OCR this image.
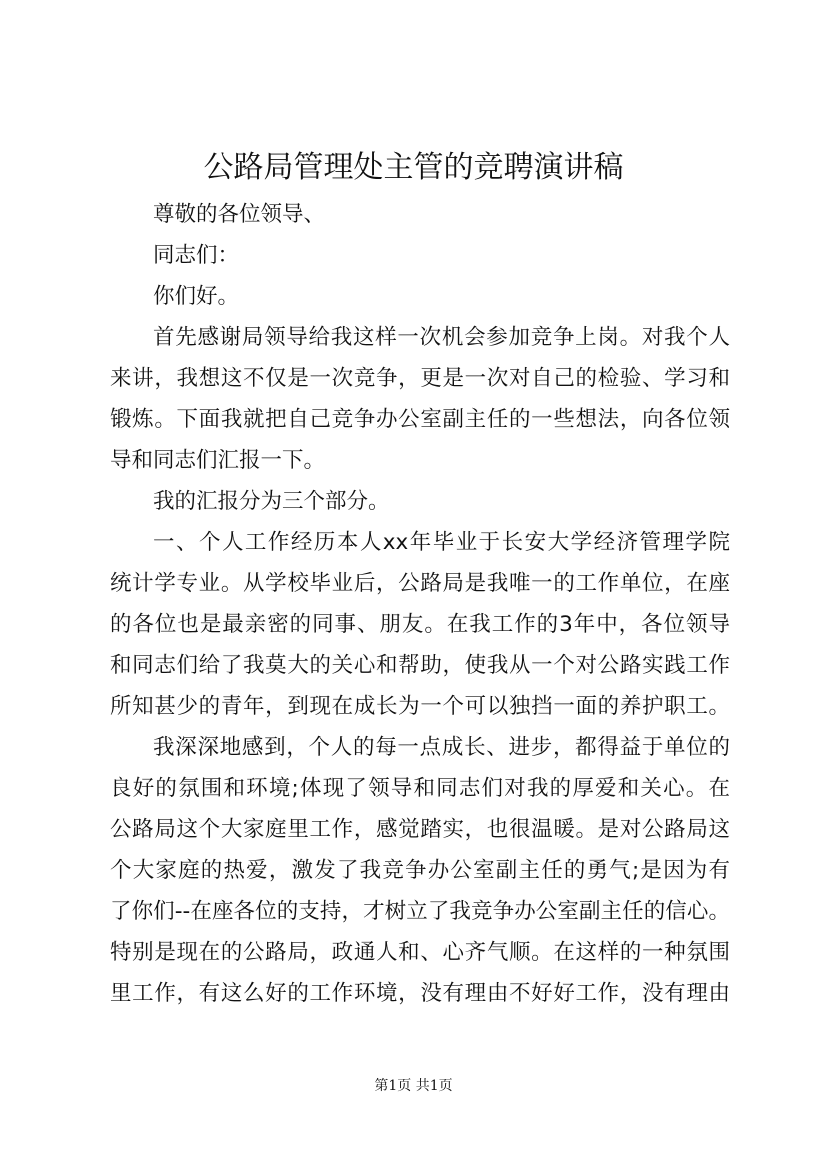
公路局管理处主管的竞聘演讲稿
尊敬的各位领导、
同志们：
你们好。
首先感谢局领导给我这样一次机会参加竞争上岗。对我个人
来讲，我想这不仅是一次竞争，更是一次对自己的检验、学习和
锻炼。下面我就把自己竞争办公室副主任的一些想法，向各位领
导和同志们汇报一下。
我的汇报分为三个部分。
一、个人工作经历本人xx年毕业于长安大学经济管理学院
统计学专业。从学校毕业后，公路局是我唯一的工作单位，在座
的各位也是最亲密的同事、朋友。在我工作的3年中，各位领导
和同志们给了我莫大的关心和帮助，使我从一个对公路实践工作
所知甚少的青年，到现在成长为一个可以独挡一面的养护职工。
我深深地感到，个人的每一点成长、进步，都得益于单位的
良好的氛围和环境;体现了领导和同志们对我的厚爱和关心。在
公路局这个大家庭里工作，感觉踏实，也很温暖。是对公路局这
个大家庭的热爱，激发了我竞争办公室副主任的勇气;是因为有
了你们--在座各位的支持，才树立了我竞争办公室副主任的信心。
特别是现在的公路局，政通人和、心齐气顺。在这样的一种氛围
里工作，有这么好的工作环境，没有理由不好好工作，没有理由
第1页 共1页
